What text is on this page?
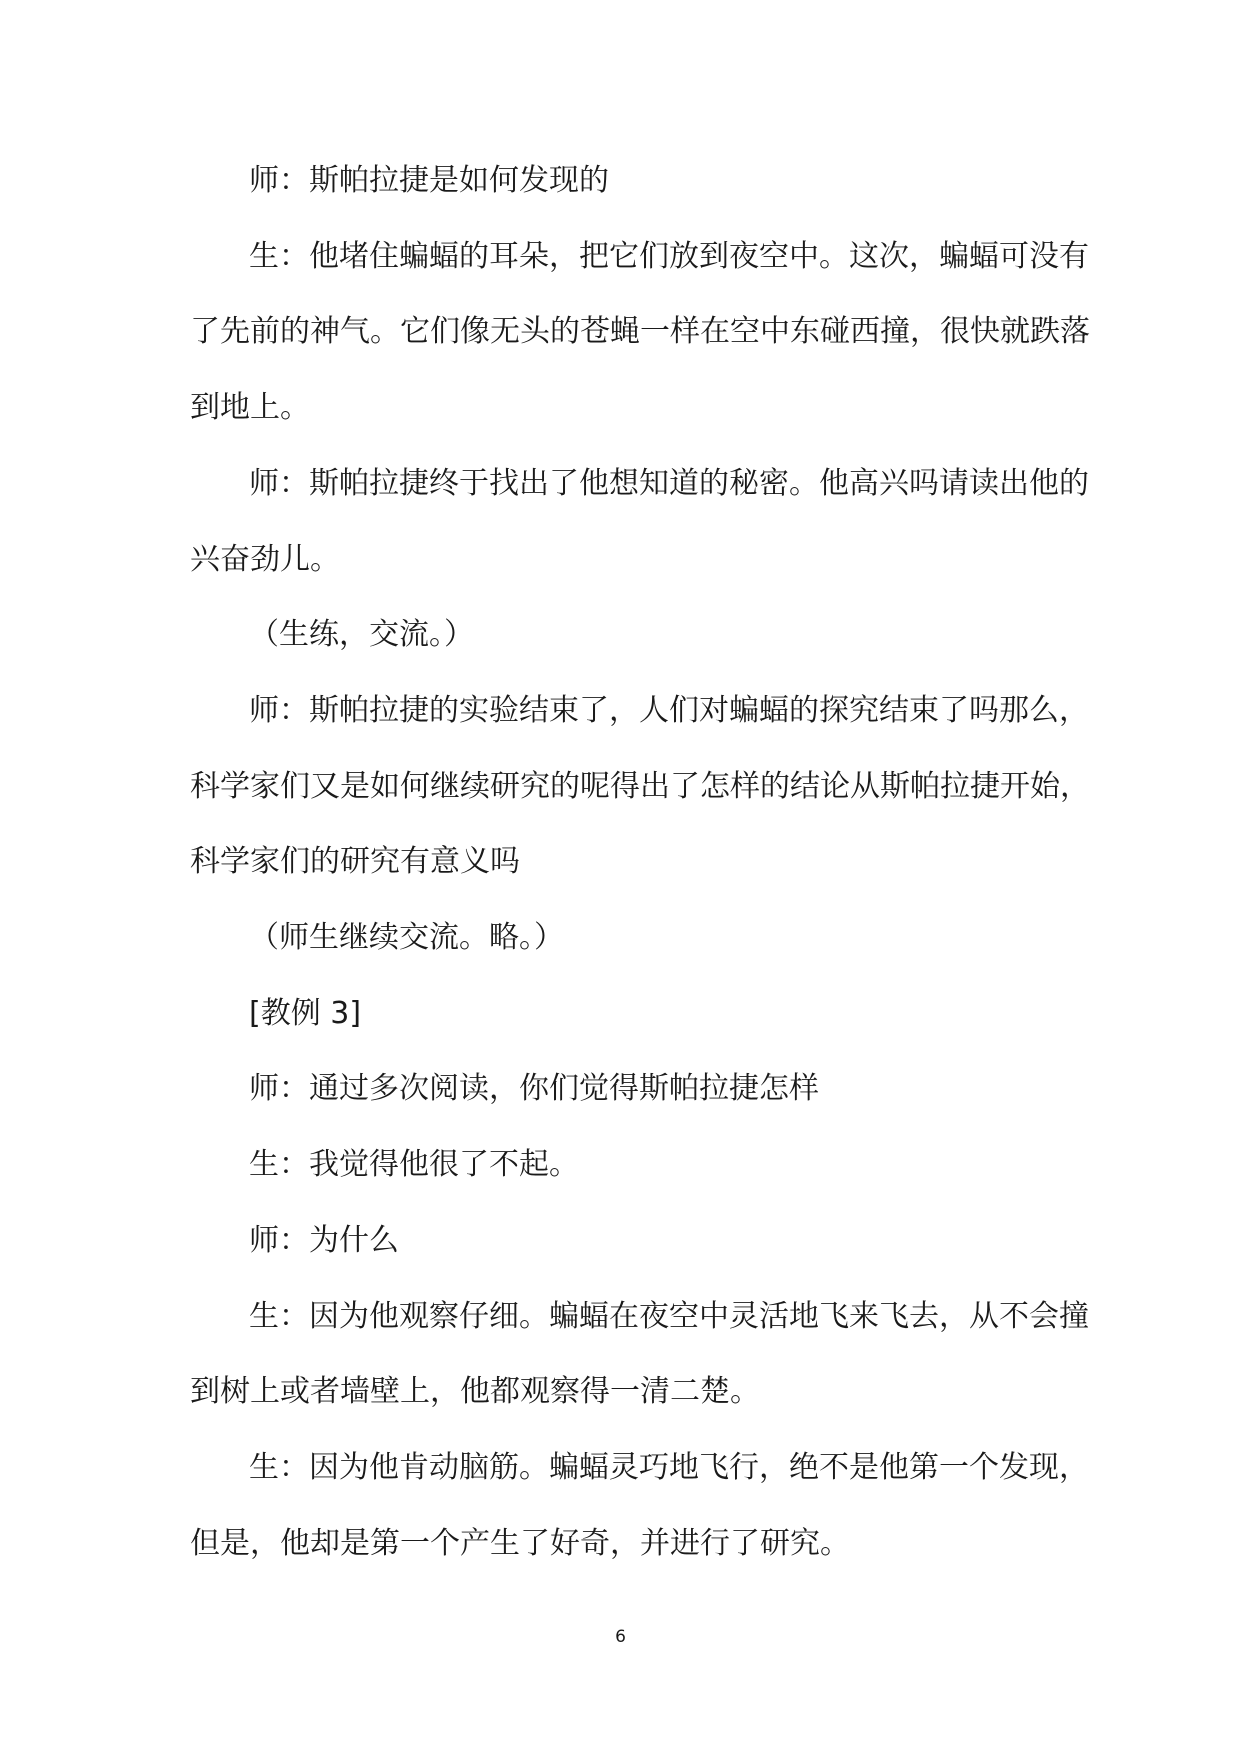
师：斯帕拉捷是如何发现的

生：他堵住蝙蝠的耳朵，把它们放到夜空中。这次，蝙蝠可没有
了先前的神气。它们像无头的苍蝇一样在空中东碰西撞，很快就跌落
到地上。

师：斯帕拉捷终于找出了他想知道的秘密。他高兴吗请读出他的
兴奋劲儿。

（生练，交流。）

师：斯帕拉捷的实验结束了，人们对蝙蝠的探究结束了吗那么，
科学家们又是如何继续研究的呢得出了怎样的结论从斯帕拉捷开始，
科学家们的研究有意义吗

（师生继续交流。略。）

[教例 3]

师：通过多次阅读，你们觉得斯帕拉捷怎样

生：我觉得他很了不起。

师：为什么

生：因为他观察仔细。蝙蝠在夜空中灵活地飞来飞去，从不会撞
到树上或者墙壁上，他都观察得一清二楚。

生：因为他肯动脑筋。蝙蝠灵巧地飞行，绝不是他第一个发现，
但是，他却是第一个产生了好奇，并进行了研究。

6
